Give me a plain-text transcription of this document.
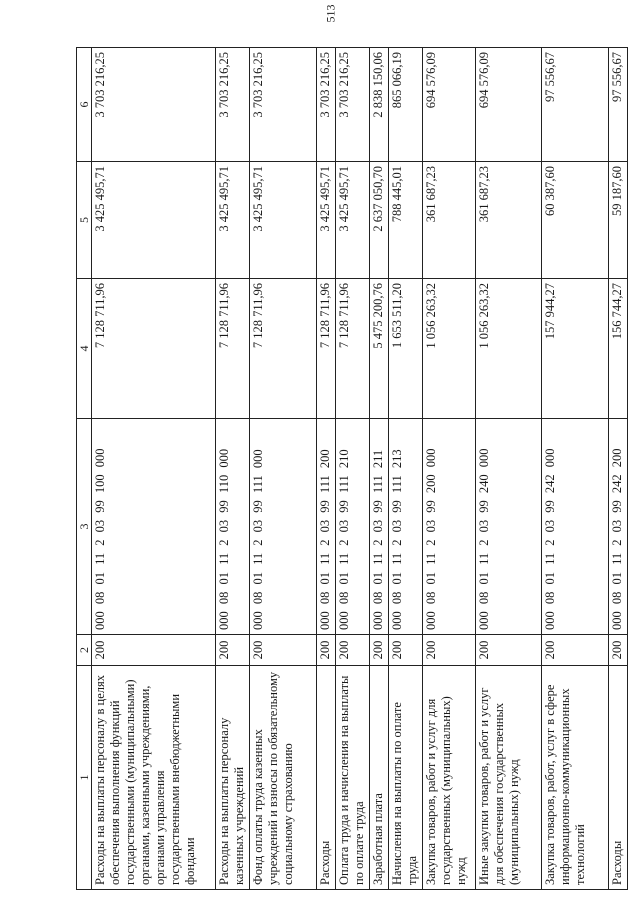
513
1	2	3	4	5	6
Расходы на выплаты персоналу в целях обеспечения выполнения функций государственными (муниципальными) органами, казенными учреждениями, органами управления государственными внебюджетными фондами	200	000 08 01 11 2 03 99 100 000	7 128 711,96	3 425 495,71	3 703 216,25
Расходы на выплаты персоналу казенных учреждений	200	000 08 01 11 2 03 99 110 000	7 128 711,96	3 425 495,71	3 703 216,25
Фонд оплаты труда казенных учреждений и взносы по обязательному социальному страхованию	200	000 08 01 11 2 03 99 111 000	7 128 711,96	3 425 495,71	3 703 216,25
Расходы	200	000 08 01 11 2 03 99 111 200	7 128 711,96	3 425 495,71	3 703 216,25
Оплата труда и начисления на выплаты по оплате труда	200	000 08 01 11 2 03 99 111 210	7 128 711,96	3 425 495,71	3 703 216,25
Заработная плата	200	000 08 01 11 2 03 99 111 211	5 475 200,76	2 637 050,70	2 838 150,06
Начисления на выплаты по оплате труда	200	000 08 01 11 2 03 99 111 213	1 653 511,20	788 445,01	865 066,19
Закупка товаров, работ и услуг для государственных (муниципальных) нужд	200	000 08 01 11 2 03 99 200 000	1 056 263,32	361 687,23	694 576,09
Иные закупки товаров, работ и услуг для обеспечения государственных (муниципальных) нужд	200	000 08 01 11 2 03 99 240 000	1 056 263,32	361 687,23	694 576,09
Закупка товаров, работ, услуг в сфере информационно-коммуникационных технологий	200	000 08 01 11 2 03 99 242 000	157 944,27	60 387,60	97 556,67
Расходы	200	000 08 01 11 2 03 99 242 200	156 744,27	59 187,60	97 556,67
